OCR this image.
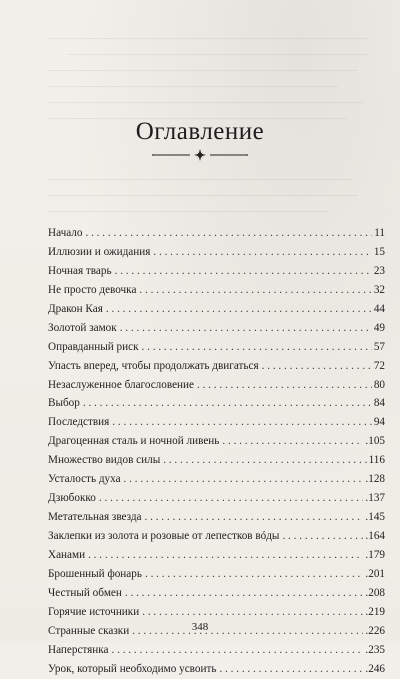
Оглавление
Начало . . .	11
Иллюзии и ожидания . . .	15
Ночная тварь . . .	23
Не просто девочка . . .	32
Дракон Кая . . .	44
Золотой замок . . .	49
Оправданный риск . . .	57
Упасть вперед, чтобы продолжать двигаться . . .	72
Незаслуженное благословение . . .	80
Выбор . . .	84
Последствия . . .	94
Драгоценная сталь и ночной ливень . . .	.105
Множество видов силы . . .	116
Усталость духа . . .	.128
Дзюбокко . . .	.137
Метательная звезда . . .	.145
Заклепки из золота и розовые от лепестков вóды . . .	.164
Ханами . . .	.179
Брошенный фонарь . . .	.201
Честный обмен . . .	.208
Горячие источники . . .	.219
Странные сказки . . .	.226
Наперстянка . . .	.235
Урок, который необходимо усвоить . . .	.246
348
